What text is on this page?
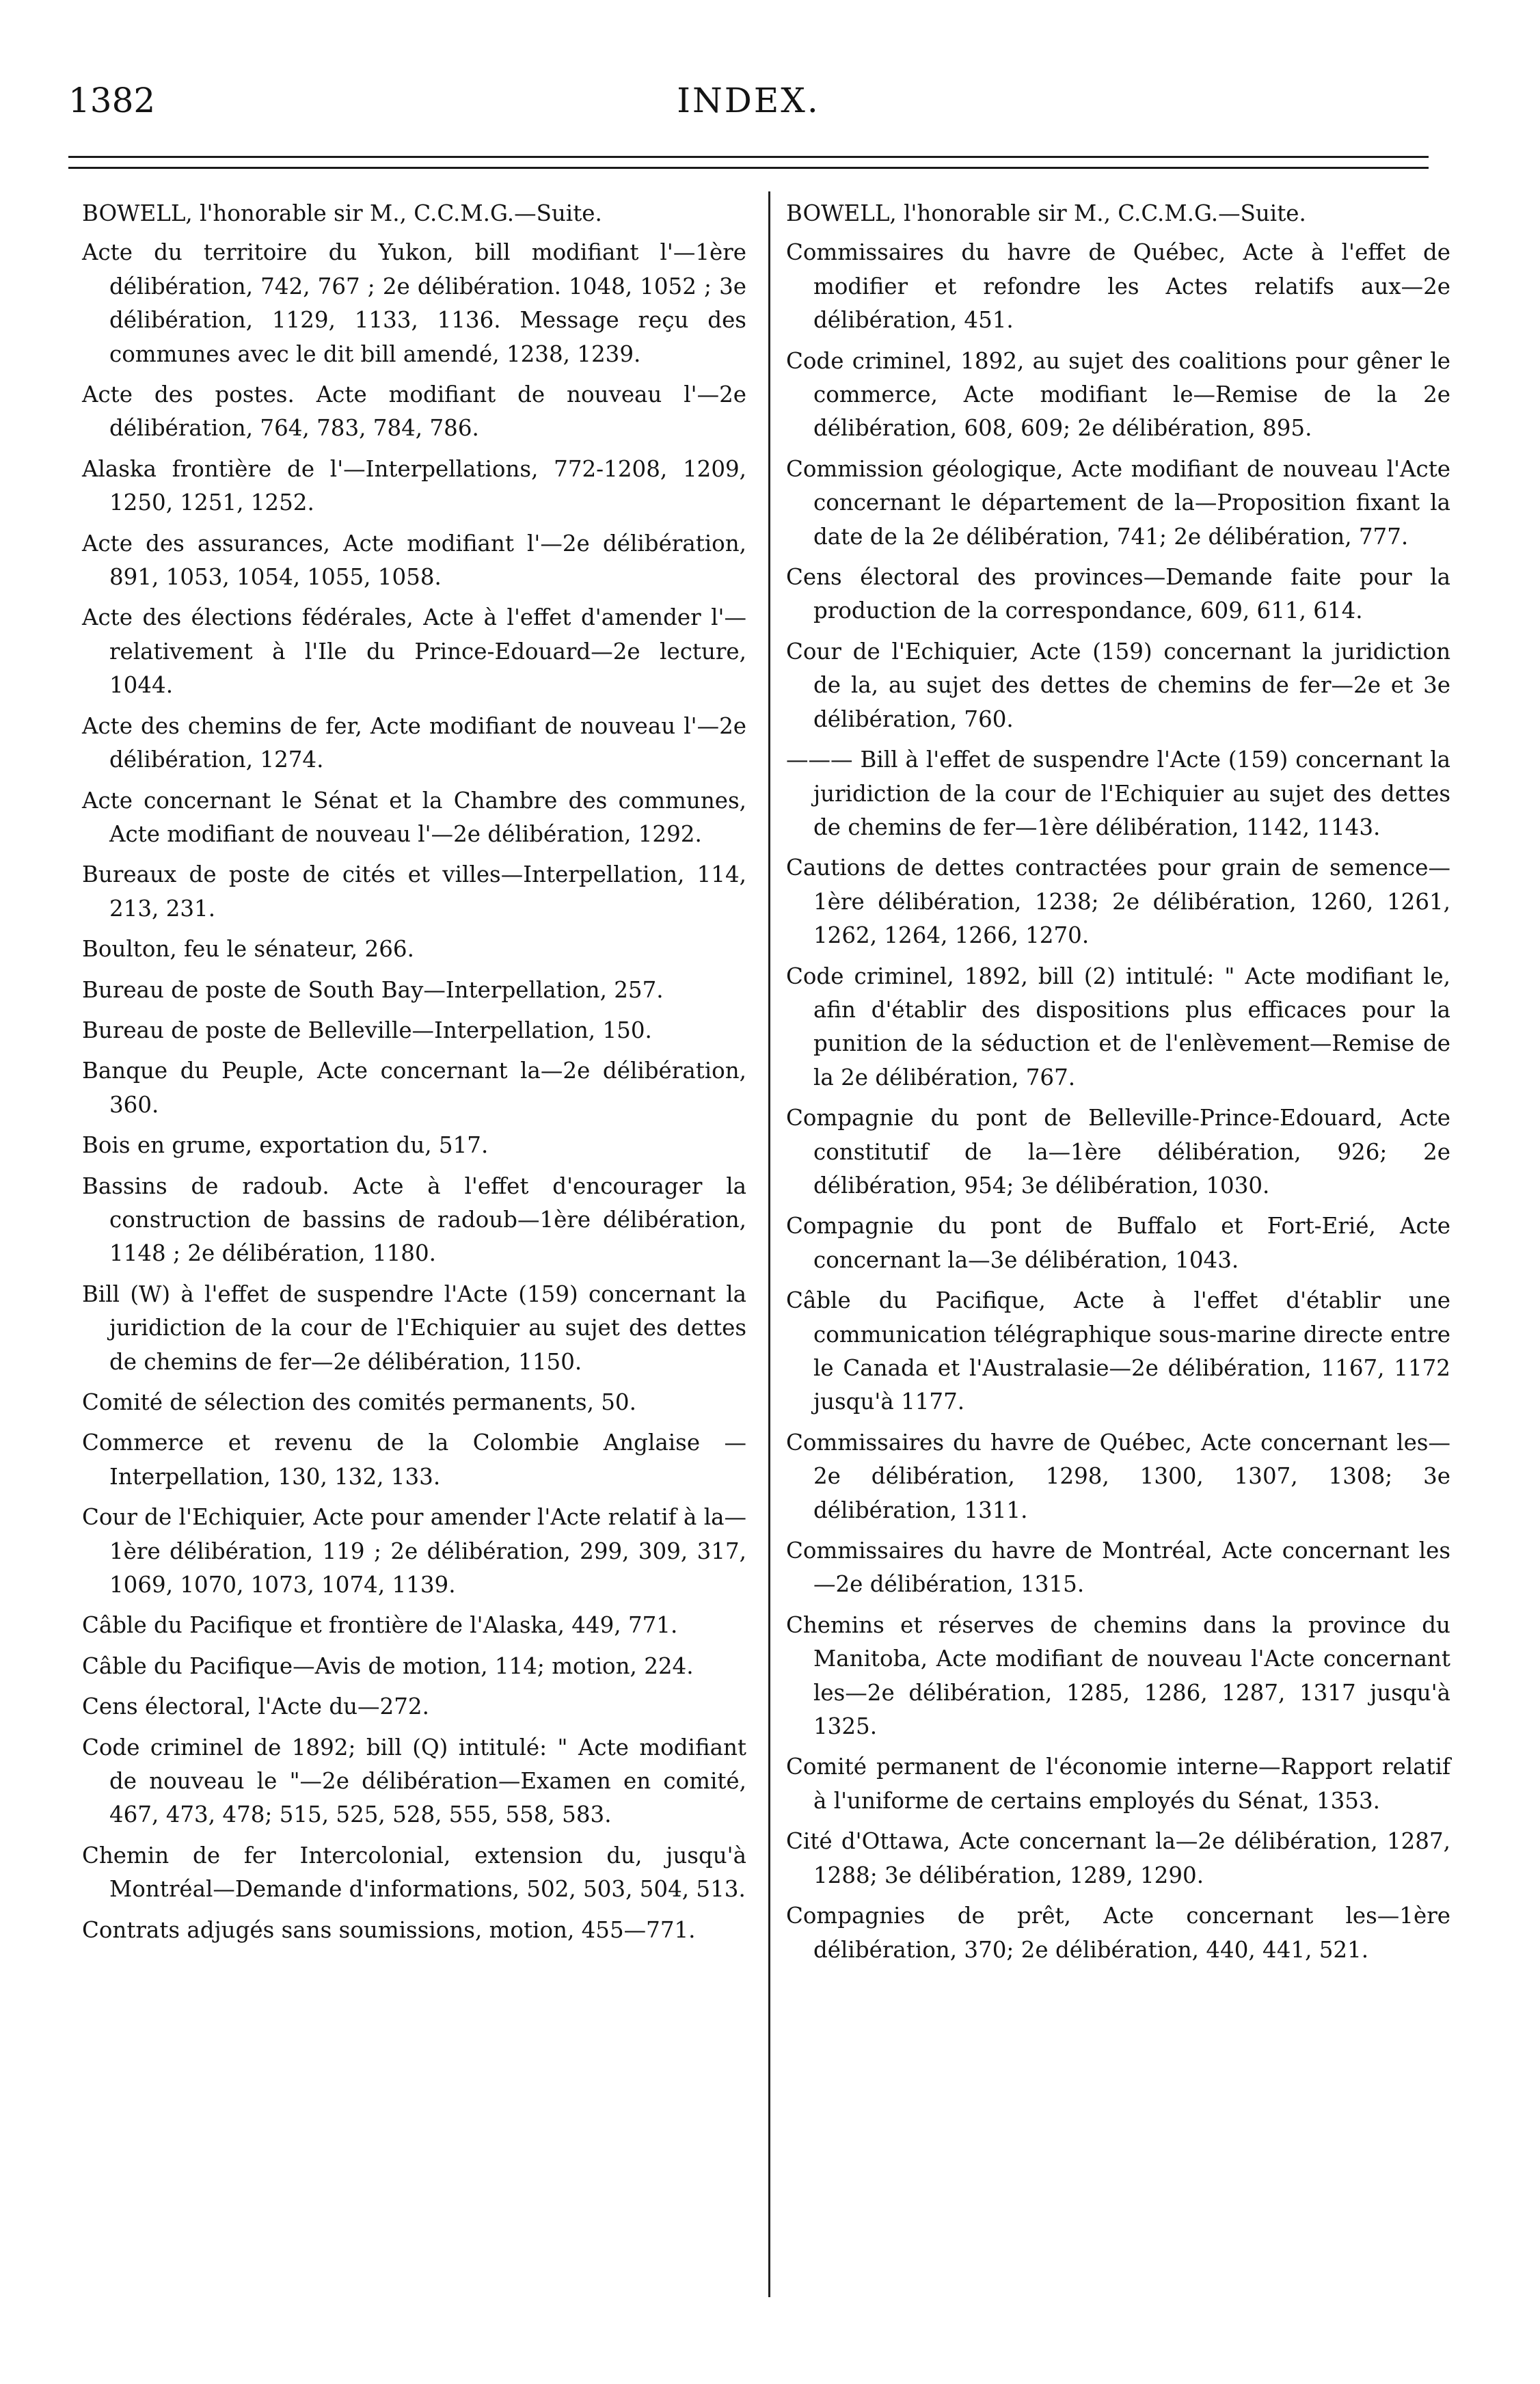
INDEX.
1382

BOWELL, l'honorable sir M., C.C.M.G.—Suite.

Acte du territoire du Yukon, bill modifiant l'—1ère délibération, 742, 767 ; 2e délibération. 1048, 1052 ; 3e délibération, 1129, 1133, 1136. Message reçu des communes avec le dit bill amendé, 1238, 1239.

Acte des postes. Acte modifiant de nouveau l'—2e délibération, 764, 783, 784, 786.

Alaska frontière de l'—Interpellations, 772-1208, 1209, 1250, 1251, 1252.

Acte des assurances, Acte modifiant l'—2e délibération, 891, 1053, 1054, 1055, 1058.

Acte des élections fédérales, Acte à l'effet d'amender l'—relativement à l'Ile du Prince-Edouard—2e lecture, 1044.

Acte des chemins de fer, Acte modifiant de nouveau l'—2e délibération, 1274.

Acte concernant le Sénat et la Chambre des communes, Acte modifiant de nouveau l'—2e délibération, 1292.

Bureaux de poste de cités et villes—Interpellation, 114, 213, 231.

Boulton, feu le sénateur, 266.

Bureau de poste de South Bay—Interpellation, 257.

Bureau de poste de Belleville—Interpellation, 150.

Banque du Peuple, Acte concernant la—2e délibération, 360.

Bois en grume, exportation du, 517.

Bassins de radoub. Acte à l'effet d'encourager la construction de bassins de radoub—1ère délibération, 1148 ; 2e délibération, 1180.

Bill (W) à l'effet de suspendre l'Acte (159) concernant la juridiction de la cour de l'Echiquier au sujet des dettes de chemins de fer—2e délibération, 1150.

Comité de sélection des comités permanents, 50.

Commerce et revenu de la Colombie Anglaise —Interpellation, 130, 132, 133.

Cour de l'Echiquier, Acte pour amender l'Acte relatif à la—1ère délibération, 119 ; 2e délibération, 299, 309, 317, 1069, 1070, 1073, 1074, 1139.

Câble du Pacifique et frontière de l'Alaska, 449, 771.

Câble du Pacifique—Avis de motion, 114; motion, 224.

Cens électoral, l'Acte du—272.

Code criminel de 1892; bill (Q) intitulé: " Acte modifiant de nouveau le "—2e délibération—Examen en comité, 467, 473, 478; 515, 525, 528, 555, 558, 583.

Chemin de fer Intercolonial, extension du, jusqu'à Montréal—Demande d'informations, 502, 503, 504, 513.

Contrats adjugés sans soumissions, motion, 455—771.

BOWELL, l'honorable sir M., C.C.M.G.—Suite.

Commissaires du havre de Québec, Acte à l'effet de modifier et refondre les Actes relatifs aux—2e délibération, 451.

Code criminel, 1892, au sujet des coalitions pour gêner le commerce, Acte modifiant le—Remise de la 2e délibération, 608, 609; 2e délibération, 895.

Commission géologique, Acte modifiant de nouveau l'Acte concernant le département de la—Proposition fixant la date de la 2e délibération, 741; 2e délibération, 777.

Cens électoral des provinces—Demande faite pour la production de la correspondance, 609, 611, 614.

Cour de l'Echiquier, Acte (159) concernant la juridiction de la, au sujet des dettes de chemins de fer—2e et 3e délibération, 760.

——— Bill à l'effet de suspendre l'Acte (159) concernant la juridiction de la cour de l'Echiquier au sujet des dettes de chemins de fer—1ère délibération, 1142, 1143.

Cautions de dettes contractées pour grain de semence—1ère délibération, 1238; 2e délibération, 1260, 1261, 1262, 1264, 1266, 1270.

Code criminel, 1892, bill (2) intitulé: " Acte modifiant le, afin d'établir des dispositions plus efficaces pour la punition de la séduction et de l'enlèvement—Remise de la 2e délibération, 767.

Compagnie du pont de Belleville-Prince-Edouard, Acte constitutif de la—1ère délibération, 926; 2e délibération, 954; 3e délibération, 1030.

Compagnie du pont de Buffalo et Fort-Erié, Acte concernant la—3e délibération, 1043.

Câble du Pacifique, Acte à l'effet d'établir une communication télégraphique sous-marine directe entre le Canada et l'Australasie—2e délibération, 1167, 1172 jusqu'à 1177.

Commissaires du havre de Québec, Acte concernant les—2e délibération, 1298, 1300, 1307, 1308; 3e délibération, 1311.

Commissaires du havre de Montréal, Acte concernant les—2e délibération, 1315.

Chemins et réserves de chemins dans la province du Manitoba, Acte modifiant de nouveau l'Acte concernant les—2e délibération, 1285, 1286, 1287, 1317 jusqu'à 1325.

Comité permanent de l'économie interne—Rapport relatif à l'uniforme de certains employés du Sénat, 1353.

Cité d'Ottawa, Acte concernant la—2e délibération, 1287, 1288; 3e délibération, 1289, 1290.

Compagnies de prêt, Acte concernant les—1ère délibération, 370; 2e délibération, 440, 441, 521.
